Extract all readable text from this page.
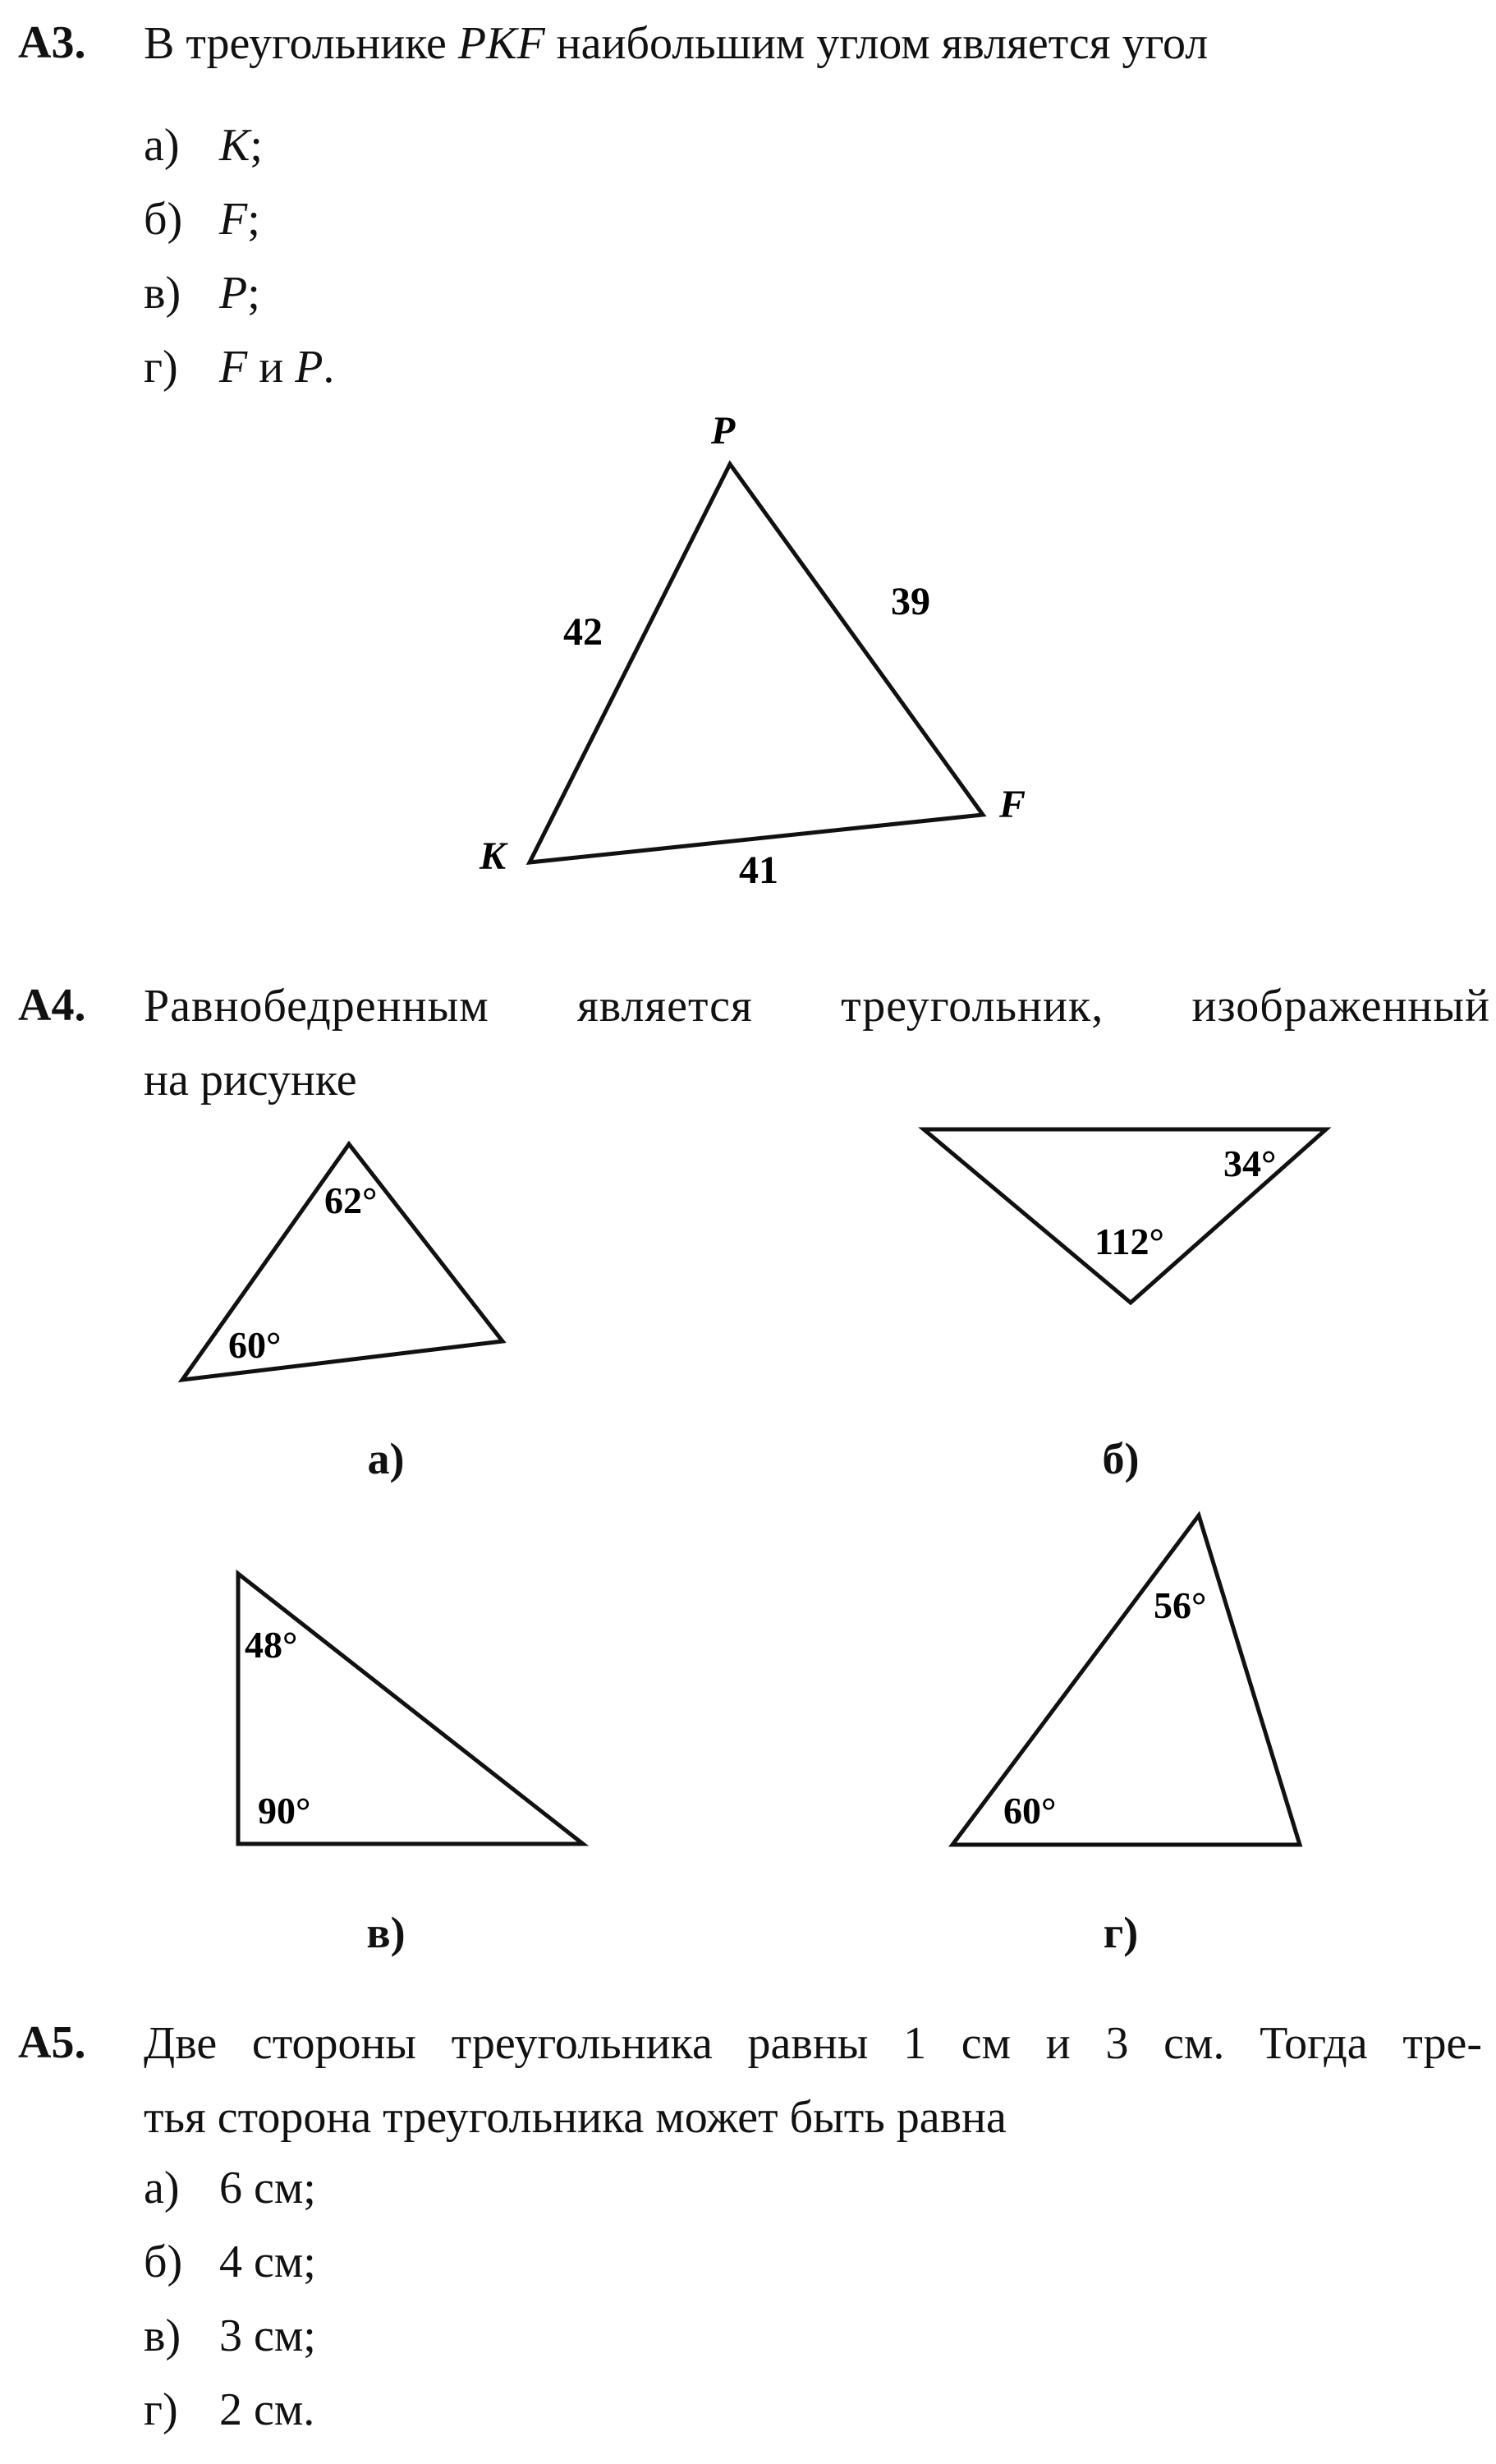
А3. В треугольнике PKF наибольшим углом является угол
а) K;
б) F;
в) P;
г) F и P.
P
K
F
42
39
41
А4. Равнобедренным является треугольник, изображенный
на рисунке
62°
60°
34°
112°
48°
90°
56°
60°
а)	б)
в)	г)
А5. Две стороны треугольника равны 1 см и 3 см. Тогда тре-
тья сторона треугольника может быть равна
а) 6 см;
б) 4 см;
в) 3 см;
г) 2 см.
